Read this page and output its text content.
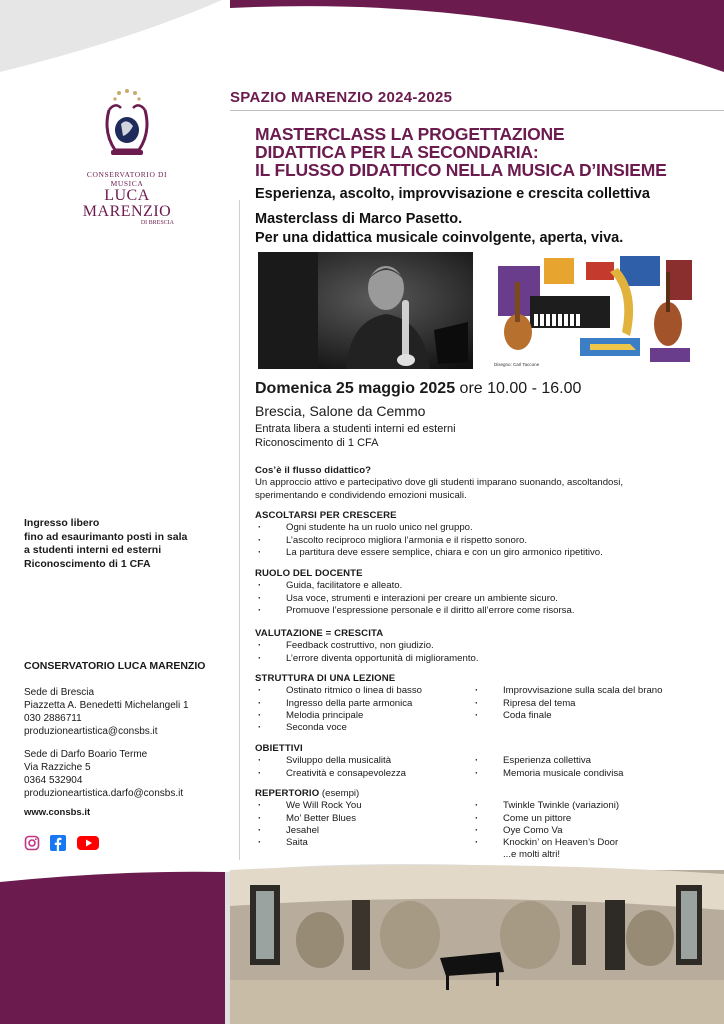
CONSERVATORIO DI MUSICA
LUCA MARENZIO
DI BRESCIA
SPAZIO MARENZIO 2024-2025
MASTERCLASS LA PROGETTAZIONE
DIDATTICA PER LA SECONDARIA:
IL FLUSSO DIDATTICO NELLA MUSICA D’INSIEME
Esperienza, ascolto, improvvisazione e crescita collettiva
Masterclass di Marco Pasetto.
Per una didattica musicale coinvolgente, aperta, viva.
Disegno: Carl Taccone
Domenica 25 maggio 2025 ore 10.00 - 16.00
Brescia, Salone da Cemmo
Entrata libera a studenti interni ed esterni
Riconoscimento di 1 CFA
Cos’è il flusso didattico?
Un approccio attivo e partecipativo dove gli studenti imparano suonando, ascoltandosi,
sperimentando e condividendo emozioni musicali.
ASCOLTARSI PER CRESCERE
· Ogni studente ha un ruolo unico nel gruppo.
· L’ascolto reciproco migliora l’armonia e il rispetto sonoro.
· La partitura deve essere semplice, chiara e con un giro armonico ripetitivo.
RUOLO DEL DOCENTE
· Guida, facilitatore e alleato.
· Usa voce, strumenti e interazioni per creare un ambiente sicuro.
· Promuove l’espressione personale e il diritto all’errore come risorsa.
VALUTAZIONE = CRESCITA
· Feedback costruttivo, non giudizio.
· L’errore diventa opportunità di miglioramento.
STRUTTURA DI UNA LEZIONE
· Ostinato ritmico o linea di basso
· Ingresso della parte armonica
· Melodia principale
· Seconda voce
· Improvvisazione sulla scala del brano
· Ripresa del tema
· Coda finale
OBIETTIVI
· Sviluppo della musicalità
· Creatività e consapevolezza
· Esperienza collettiva
· Memoria musicale condivisa
REPERTORIO (esempi)
· We Will Rock You
· Mo’ Better Blues
· Jesahel
· Saita
· Twinkle Twinkle (variazioni)
· Come un pittore
· Oye Como Va
· Knockin’ on Heaven’s Door
...e molti altri!
Ingresso libero
fino ad esaurimanto posti in sala
a studenti interni ed esterni
Riconoscimento di 1 CFA
CONSERVATORIO LUCA MARENZIO
Sede di Brescia
Piazzetta A. Benedetti Michelangeli 1
030 2886711
produzioneartistica@consbs.it
Sede di Darfo Boario Terme
Via Razziche 5
0364 532904
produzioneartistica.darfo@consbs.it
www.consbs.it
